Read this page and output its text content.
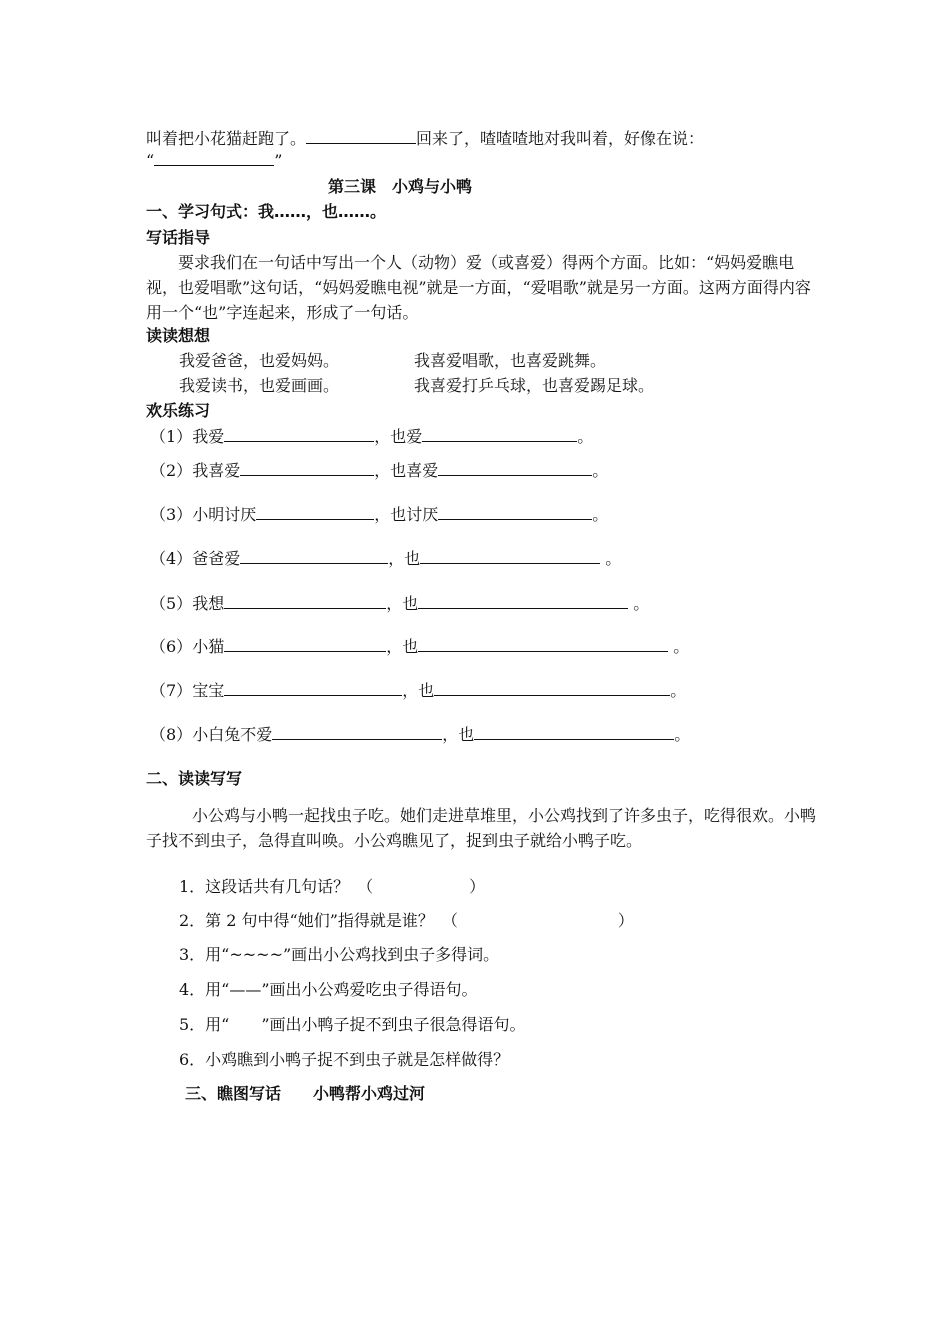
叫着把小花猫赶跑了。	回来了，喳喳喳地对我叫着，好像在说：
“	”
第三课　小鸡与小鸭
一、学习句式：我……，也……。
写话指导
要求我们在一句话中写出一个人（动物）爱（或喜爱）得两个方面。比如：“妈妈爱瞧电视，也爱唱歌”这句话，“妈妈爱瞧电视”就是一方面，“爱唱歌”就是另一方面。这两方面得内容用一个“也”字连起来，形成了一句话。
读读想想
我爱爸爸，也爱妈妈。	我喜爱唱歌，也喜爱跳舞。
我爱读书，也爱画画。	我喜爱打乒乓球，也喜爱踢足球。
欢乐练习
（1）我爱	，也爱	。
（2）我喜爱	，也喜爱	。
（3）小明讨厌	，也讨厌	。
（4）爸爸爱	，也	。
（5）我想	，也	。
（6）小猫	，也	。
（7）宝宝	，也	。
（8）小白兔不爱	，也	。
二、读读写写
小公鸡与小鸭一起找虫子吃。她们走进草堆里，小公鸡找到了许多虫子，吃得很欢。小鸭子找不到虫子，急得直叫唤。小公鸡瞧见了，捉到虫子就给小鸭子吃。
1．这段话共有几句话？　（　　　　　　）
2．第 2 句中得“她们”指得就是谁？　（　　　　　　　　　　）
3．用“~~~~”画出小公鸡找到虫子多得词。
4．用“——”画出小公鸡爱吃虫子得语句。
5．用“　　”画出小鸭子捉不到虫子很急得语句。
6．小鸡瞧到小鸭子捉不到虫子就是怎样做得？
三、瞧图写话　　小鸭帮小鸡过河
